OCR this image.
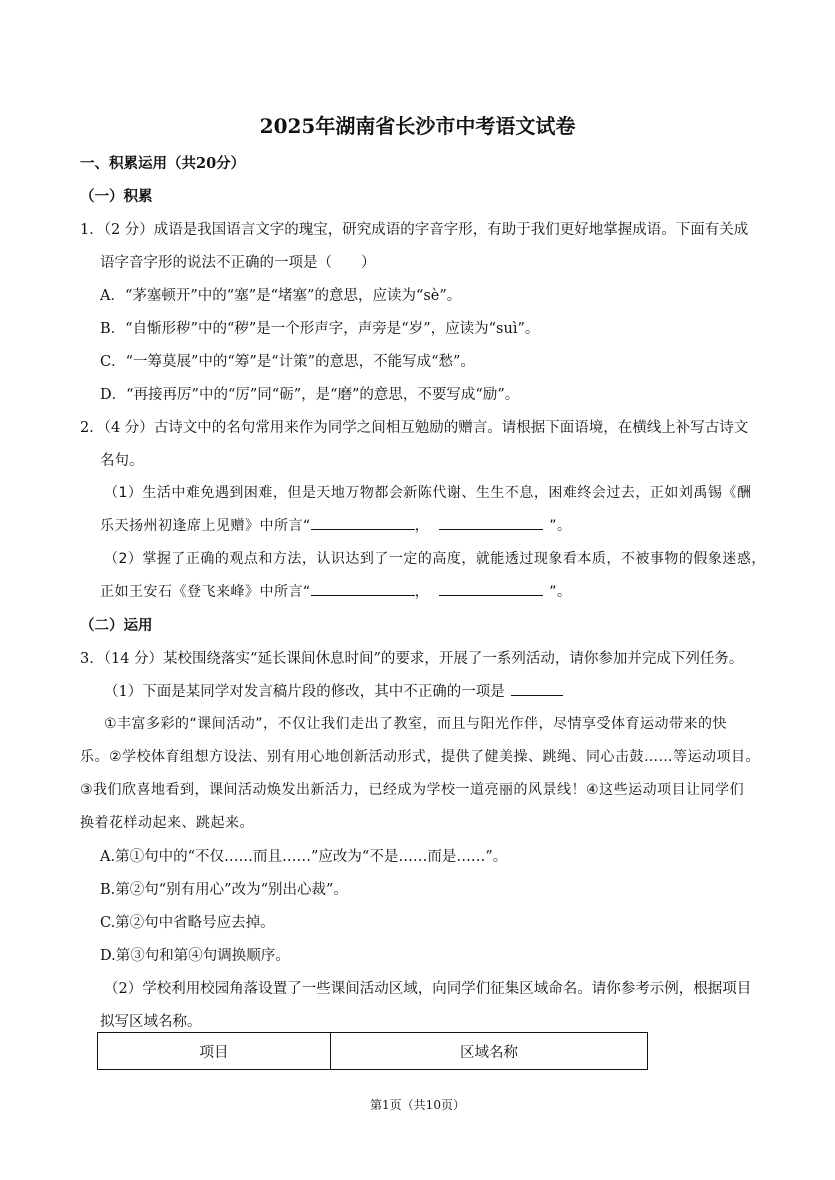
2025年湖南省长沙市中考语文试卷
一、积累运用（共20分）
（一）积累
1．（2 分）成语是我国语言文字的瑰宝，研究成语的字音字形，有助于我们更好地掌握成语。下面有关成
语字音字形的说法不正确的一项是（　　）
A．“茅塞顿开”中的“塞”是“堵塞”的意思，应读为“sè”。
B．“自惭形秽”中的“秽”是一个形声字，声旁是“岁”，应读为“suì”。
C．“一筹莫展”中的“筹”是“计策”的意思，不能写成“愁”。
D．“再接再厉”中的“厉”同“砺”，是“磨”的意思，不要写成“励”。
2．（4 分）古诗文中的名句常用来作为同学之间相互勉励的赠言。请根据下面语境，在横线上补写古诗文
名句。
（1）生活中难免遇到困难，但是天地万物都会新陈代谢、生生不息，困难终会过去，正如刘禹锡《酬
乐天扬州初逢席上见赠》中所言“	，	”。
（2）掌握了正确的观点和方法，认识达到了一定的高度，就能透过现象看本质，不被事物的假象迷惑，
正如王安石《登飞来峰》中所言“	，	”。
（二）运用
3．（14 分）某校围绕落实“延长课间休息时间”的要求，开展了一系列活动，请你参加并完成下列任务。
（1）下面是某同学对发言稿片段的修改，其中不正确的一项是
①丰富多彩的“课间活动”，不仅让我们走出了教室，而且与阳光作伴，尽情享受体育运动带来的快
乐。②学校体育组想方设法、别有用心地创新活动形式，提供了健美操、跳绳、同心击鼓……等运动项目。
③我们欣喜地看到，课间活动焕发出新活力，已经成为学校一道亮丽的风景线！④这些运动项目让同学们
换着花样动起来、跳起来。
A.第①句中的“不仅……而且……”应改为“不是……而是……”。
B.第②句“别有用心”改为“别出心裁”。
C.第②句中省略号应去掉。
D.第③句和第④句调换顺序。
（2）学校利用校园角落设置了一些课间活动区域，向同学们征集区域命名。请你参考示例，根据项目
拟写区域名称。
项目	区域名称
第1页（共10页）
